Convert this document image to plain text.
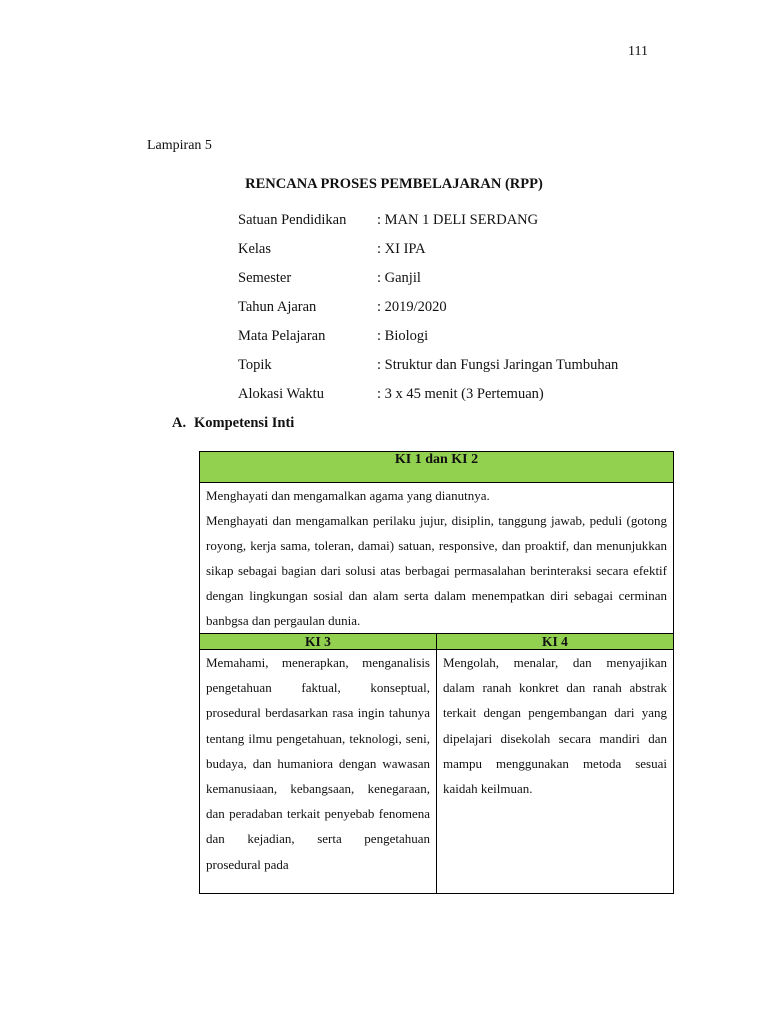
111
Lampiran 5
RENCANA PROSES PEMBELAJARAN (RPP)
Satuan Pendidikan	: MAN 1 DELI SERDANG
Kelas	: XI IPA
Semester	: Ganjil
Tahun Ajaran	: 2019/2020
Mata Pelajaran	: Biologi
Topik	: Struktur dan Fungsi Jaringan Tumbuhan
Alokasi Waktu	: 3 x 45 menit (3 Pertemuan)
A. Kompetensi Inti
KI 1 dan KI 2	

Menghayati dan mengamalkan agama yang dianutnya.

Menghayati dan mengamalkan perilaku jujur, disiplin, tanggung jawab, peduli (gotong royong, kerja sama, toleran, damai) satuan, responsive, dan proaktif, dan menunjukkan sikap sebagai bagian dari solusi atas berbagai permasalahan berinteraksi secara efektif dengan lingkungan sosial dan alam serta dalam menempatkan diri sebagai cerminan banbgsa dan pergaulan dunia.	

KI 3	KI 4

Memahami, menerapkan, menganalisis pengetahuan faktual, konseptual, prosedural berdasarkan rasa ingin tahunya tentang ilmu pengetahuan, teknologi, seni, budaya, dan humaniora dengan wawasan kemanusiaan, kebangsaan, kenegaraan, dan peradaban terkait penyebab fenomena dan kejadian, serta pengetahuan prosedural pada	Mengolah, menalar, dan menyajikan dalam ranah konkret dan ranah abstrak terkait dengan pengembangan dari yang dipelajari disekolah secara mandiri dan mampu menggunakan metoda sesuai kaidah keilmuan.
